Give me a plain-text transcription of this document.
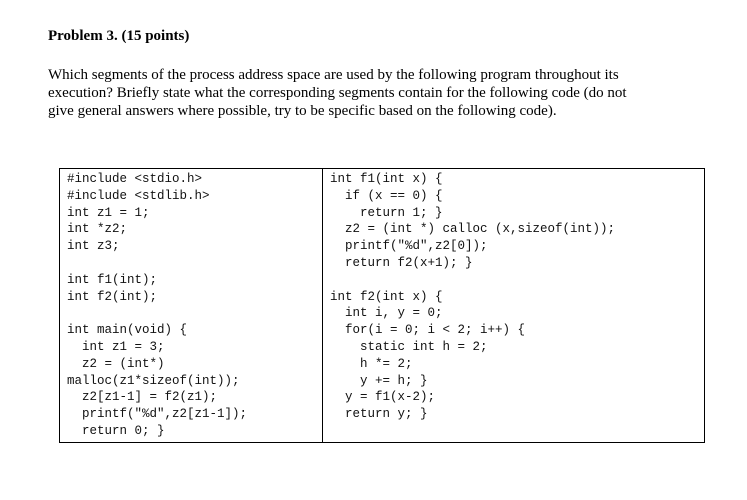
Problem 3. (15 points)
Which segments of the process address space are used by the following program throughout its
execution? Briefly state what the corresponding segments contain for the following code (do not
give general answers where possible, try to be specific based on the following code).
#include <stdio.h>
#include <stdlib.h>
int z1 = 1;
int *z2;
int z3;
int f1(int);
int f2(int);
int main(void) {
int z1 = 3;
z2 = (int*)
malloc(z1*sizeof(int));
z2[z1-1] = f2(z1);
printf("%d",z2[z1-1]);
return 0; }
int f1(int x) {
if (x == 0) {
return 1; }
z2 = (int *) calloc (x,sizeof(int));
printf("%d",z2[0]);
return f2(x+1); }
int f2(int x) {
int i, y = 0;
for(i = 0; i < 2; i++) {
static int h = 2;
h *= 2;
y += h; }
y = f1(x-2);
return y; }
